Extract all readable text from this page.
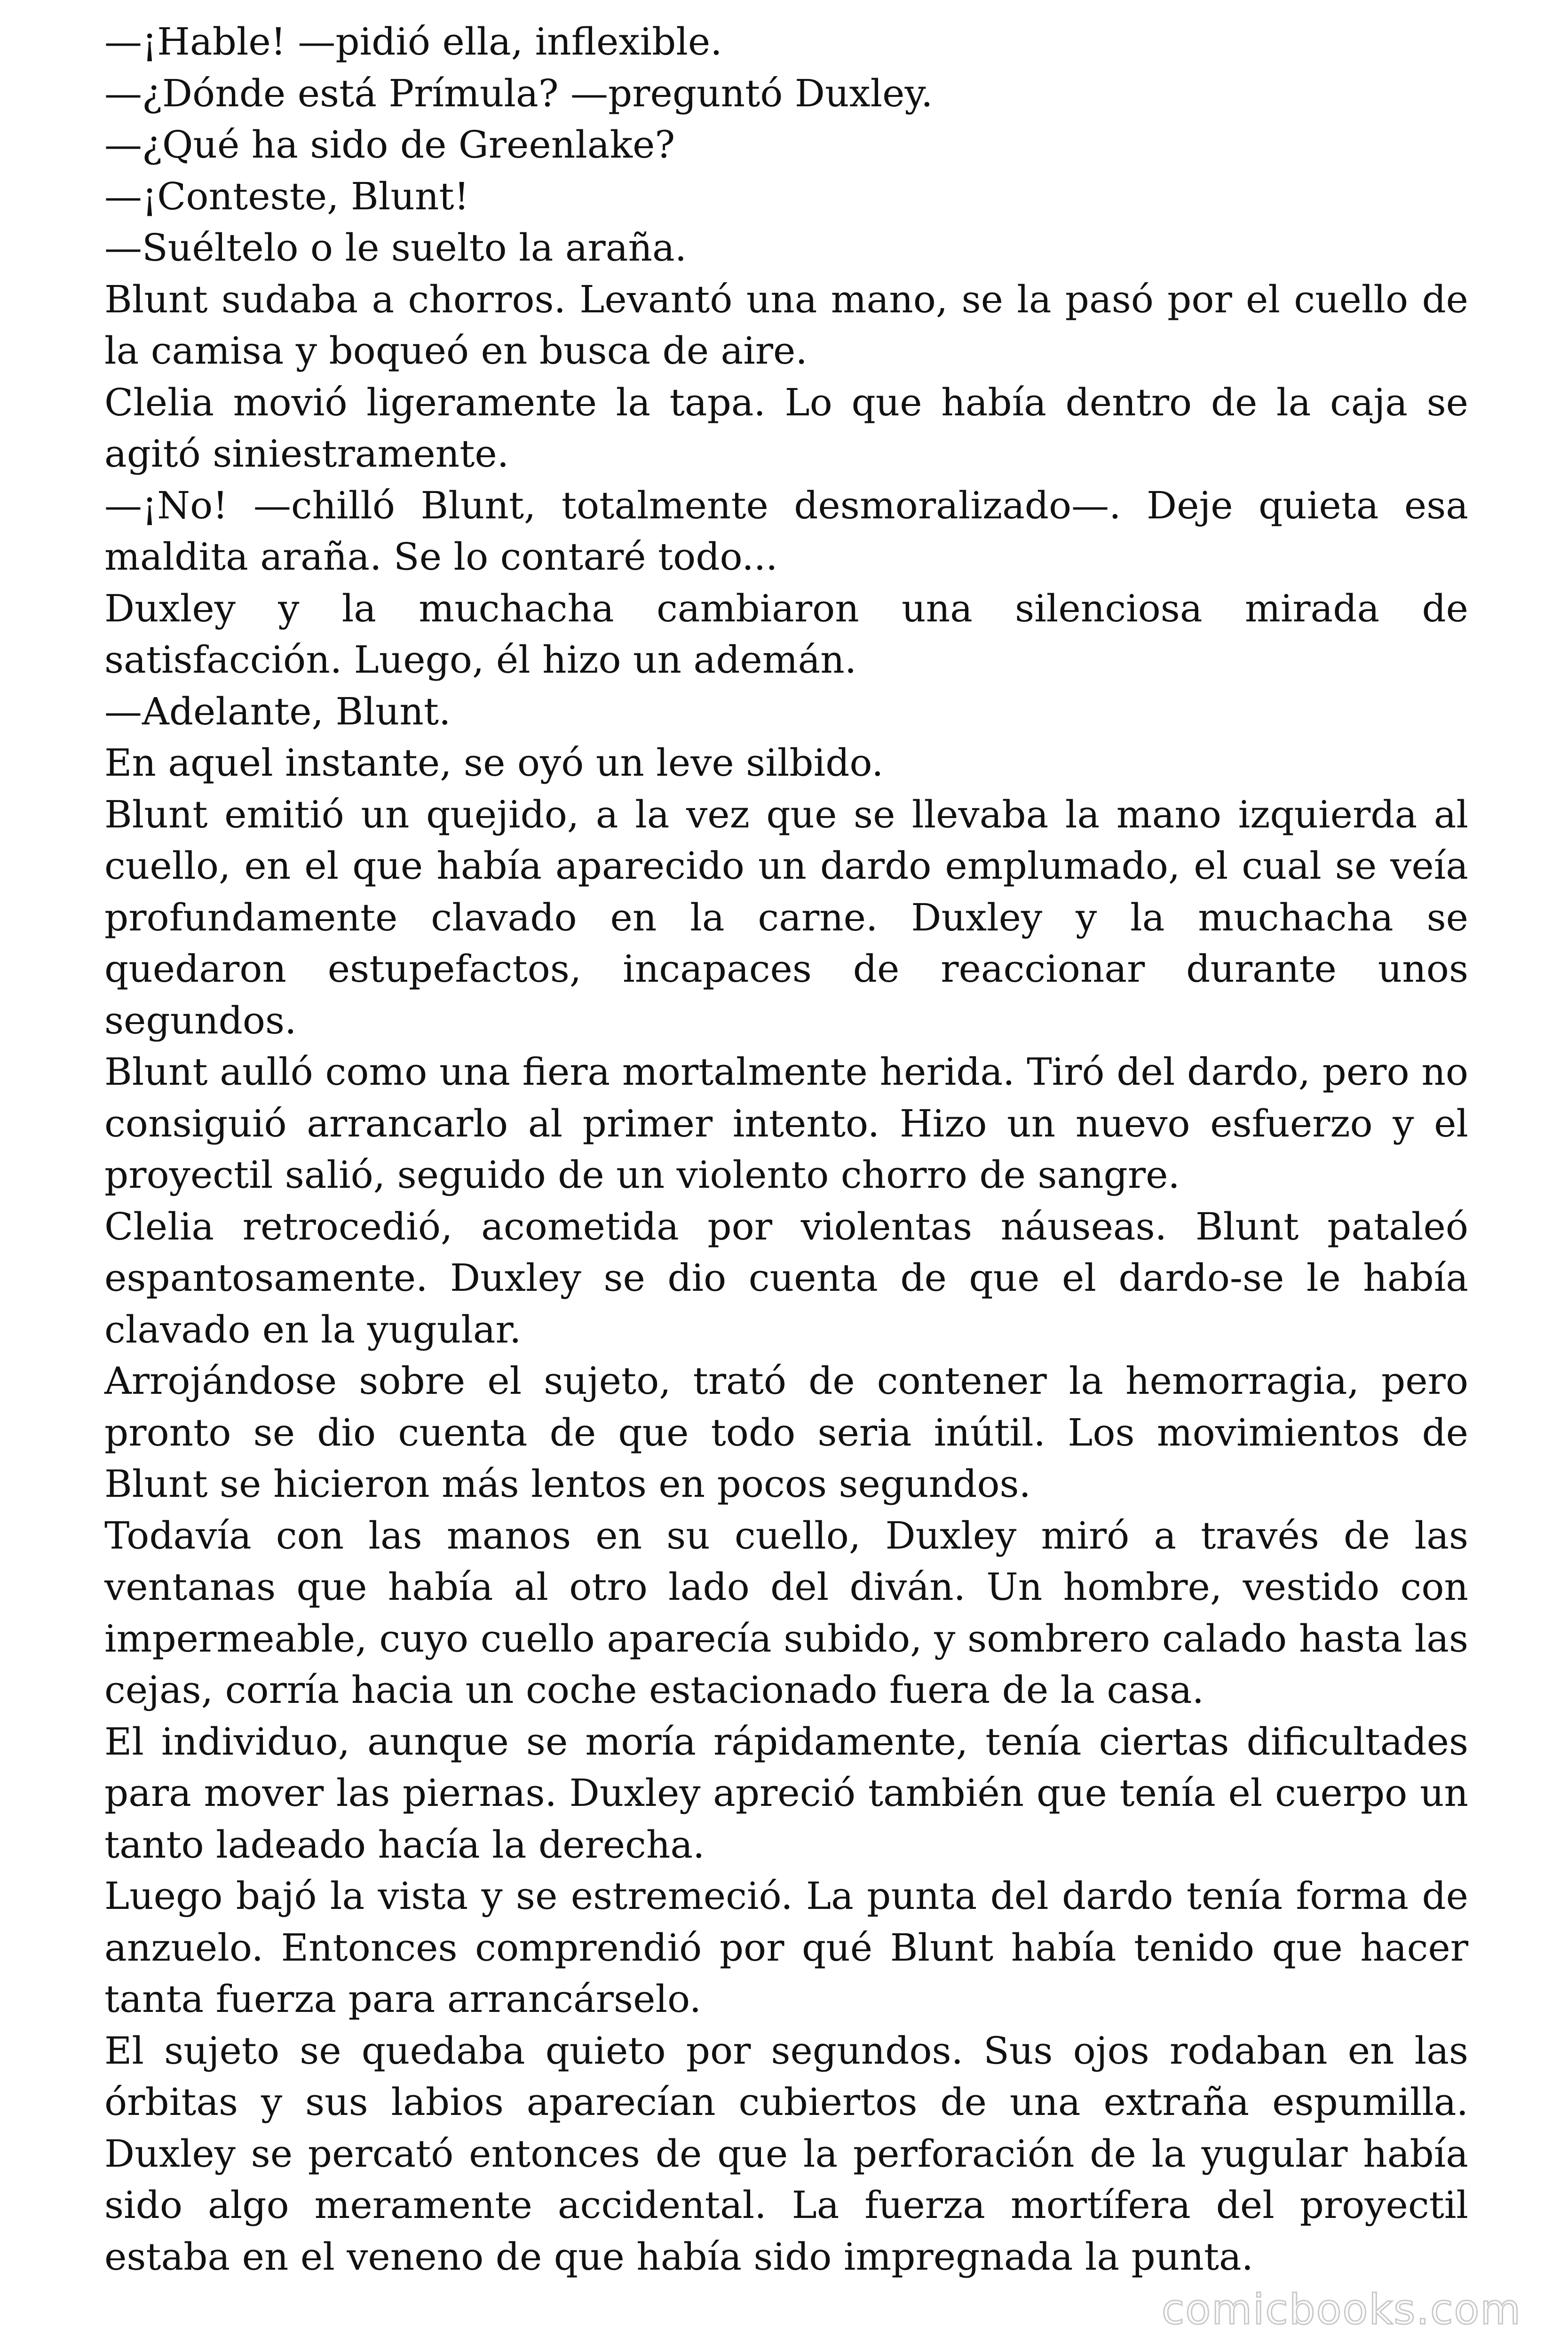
—¡Hable! —pidió ella, inflexible.

—¿Dónde está Prímula? —preguntó Duxley.

—¿Qué ha sido de Greenlake?

—¡Conteste, Blunt!

—Suéltelo o le suelto la araña.

Blunt sudaba a chorros. Levantó una mano, se la pasó por el cuello de la camisa y boqueó en busca de aire.

Clelia movió ligeramente la tapa. Lo que había dentro de la caja se agitó siniestramente.

—¡No! —chilló Blunt, totalmente desmoralizado—. Deje quieta esa maldita araña. Se lo contaré todo...

Duxley y la muchacha cambiaron una silenciosa mirada de satisfacción. Luego, él hizo un ademán.

—Adelante, Blunt.

En aquel instante, se oyó un leve silbido.

Blunt emitió un quejido, a la vez que se llevaba la mano izquierda al cuello, en el que había aparecido un dardo emplumado, el cual se veía profundamente clavado en la carne. Duxley y la muchacha se quedaron estupefactos, incapaces de reaccionar durante unos segundos.

Blunt aulló como una fiera mortalmente herida. Tiró del dardo, pero no consiguió arrancarlo al primer intento. Hizo un nuevo esfuerzo y el proyectil salió, seguido de un violento chorro de sangre.

Clelia retrocedió, acometida por violentas náuseas. Blunt pataleó espantosamente. Duxley se dio cuenta de que el dardo-se le había clavado en la yugular.

Arrojándose sobre el sujeto, trató de contener la hemorragia, pero pronto se dio cuenta de que todo seria inútil. Los movimientos de Blunt se hicieron más lentos en pocos segundos.

Todavía con las manos en su cuello, Duxley miró a través de las ventanas que había al otro lado del diván. Un hombre, vestido con impermeable, cuyo cuello aparecía subido, y sombrero calado hasta las cejas, corría hacia un coche estacionado fuera de la casa.

El individuo, aunque se moría rápidamente, tenía ciertas dificultades para mover las piernas. Duxley apreció también que tenía el cuerpo un tanto ladeado hacía la derecha.

Luego bajó la vista y se estremeció. La punta del dardo tenía forma de anzuelo. Entonces comprendió por qué Blunt había tenido que hacer tanta fuerza para arrancárselo.

El sujeto se quedaba quieto por segundos. Sus ojos rodaban en las órbitas y sus labios aparecían cubiertos de una extraña espumilla. Duxley se percató entonces de que la perforación de la yugular había sido algo meramente accidental. La fuerza mortífera del proyectil estaba en el veneno de que había sido impregnada la punta.

comicbooks.com
